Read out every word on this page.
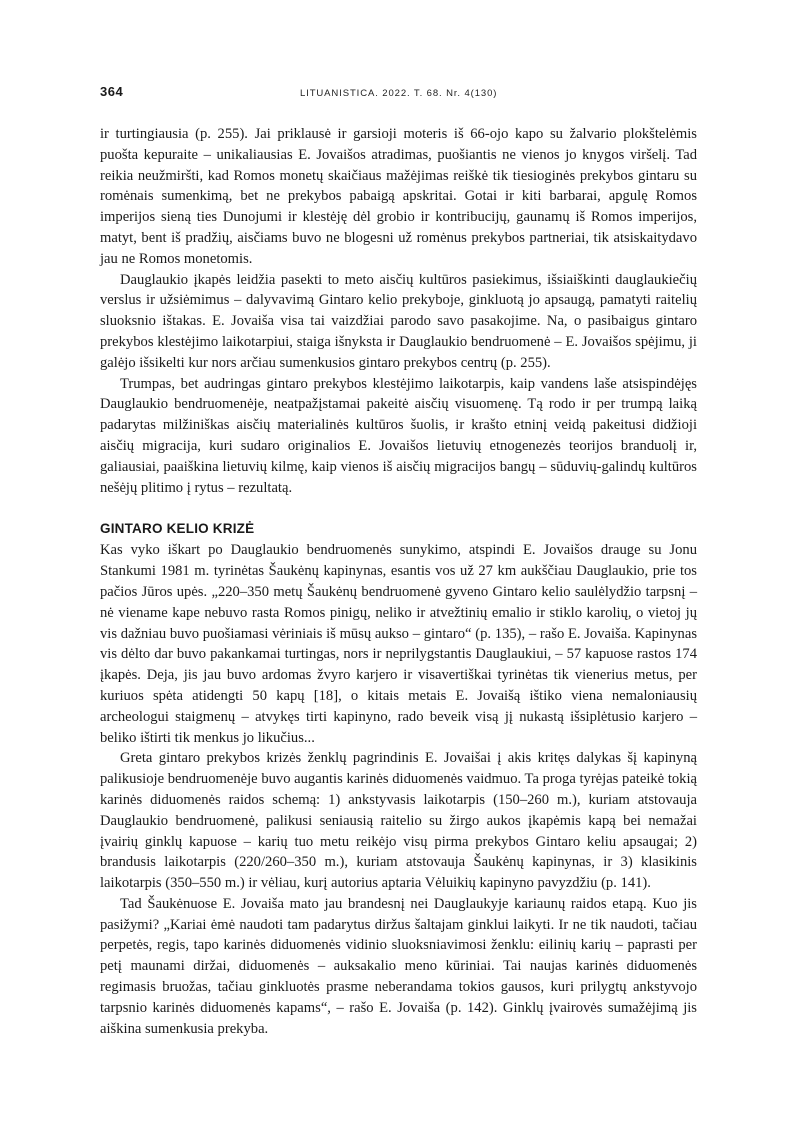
364	LITUANISTICA. 2022. T. 68. Nr. 4(130)

ir turtingiausia (p. 255). Jai priklausė ir garsioji moteris iš 66-ojo kapo su žalvario plokštelėmis puošta kepuraite – unikaliausias E. Jovaišos atradimas, puošiantis ne vienos jo knygos viršelį. Tad reikia neužmiršti, kad Romos monetų skaičiaus mažėjimas reiškė tik tiesioginės prekybos gintaru su romėnais sumenkimą, bet ne prekybos pabaigą apskritai. Gotai ir kiti barbarai, apgulę Romos imperijos sieną ties Dunojumi ir klestėję dėl grobio ir kontribucijų, gaunamų iš Romos imperijos, matyt, bent iš pradžių, aisčiams buvo ne blogesni už romėnus prekybos partneriai, tik atsiskaitydavo jau ne Romos monetomis.

Dauglaukio įkapės leidžia pasekti to meto aisčių kultūros pasiekimus, išsiaiškinti dauglaukiečių verslus ir užsiėmimus – dalyvavimą Gintaro kelio prekyboje, ginkluotą jo apsaugą, pamatyti raitelių sluoksnio ištakas. E. Jovaiša visa tai vaizdžiai parodo savo pasakojime. Na, o pasibaigus gintaro prekybos klestėjimo laikotarpiui, staiga išnyksta ir Dauglaukio bendruomenė – E. Jovaišos spėjimu, ji galėjo išsikelti kur nors arčiau sumenkusios gintaro prekybos centrų (p. 255).

Trumpas, bet audringas gintaro prekybos klestėjimo laikotarpis, kaip vandens laše atsispindėjęs Dauglaukio bendruomenėje, neatpažįstamai pakeitė aisčių visuomenę. Tą rodo ir per trumpą laiką padarytas milžiniškas aisčių materialinės kultūros šuolis, ir krašto etninį veidą pakeitusi didžioji aisčių migracija, kuri sudaro originalios E. Jovaišos lietuvių etnogenezės teorijos branduolį ir, galiausiai, paaiškina lietuvių kilmę, kaip vienos iš aisčių migracijos bangų – sūduvių-galindų kultūros nešėjų plitimo į rytus – rezultatą.

GINTARO KELIO KRIZĖ

Kas vyko iškart po Dauglaukio bendruomenės sunykimo, atspindi E. Jovaišos drauge su Jonu Stankumi 1981 m. tyrinėtas Šaukėnų kapinynas, esantis vos už 27 km aukščiau Dauglaukio, prie tos pačios Jūros upės. „220–350 metų Šaukėnų bendruomenė gyveno Gintaro kelio saulėlydžio tarpsnį – nė viename kape nebuvo rasta Romos pinigų, neliko ir atvežtinių emalio ir stiklo karolių, o vietoj jų vis dažniau buvo puošiamasi vėriniais iš mūsų aukso – gintaro“ (p. 135), – rašo E. Jovaiša. Kapinynas vis dėlto dar buvo pakankamai turtingas, nors ir neprilygstantis Dauglaukiui, – 57 kapuose rastos 174 įkapės. Deja, jis jau buvo ardomas žvyro karjero ir visavertiškai tyrinėtas tik vienerius metus, per kuriuos spėta atidengti 50 kapų [18], o kitais metais E. Jovaišą ištiko viena nemaloniausių archeologui staigmenų – atvykęs tirti kapinyno, rado beveik visą jį nukastą išsiplėtusio karjero – beliko ištirti tik menkus jo likučius...

Greta gintaro prekybos krizės ženklų pagrindinis E. Jovaišai į akis kritęs dalykas šį kapinyną palikusioje bendruomenėje buvo augantis karinės diduomenės vaidmuo. Ta proga tyrėjas pateikė tokią karinės diduomenės raidos schemą: 1) ankstyvasis laikotarpis (150–260 m.), kuriam atstovauja Dauglaukio bendruomenė, palikusi seniausią raitelio su žirgo aukos įkapėmis kapą bei nemažai įvairių ginklų kapuose – karių tuo metu reikėjo visų pirma prekybos Gintaro keliu apsaugai; 2) brandusis laikotarpis (220/260–350 m.), kuriam atstovauja Šaukėnų kapinynas, ir 3) klasikinis laikotarpis (350–550 m.) ir vėliau, kurį autorius aptaria Vėluikių kapinyno pavyzdžiu (p. 141).

Tad Šaukėnuose E. Jovaiša mato jau brandesnį nei Dauglaukyje kariaunų raidos etapą. Kuo jis pasižymi? „Kariai ėmė naudoti tam padarytus diržus šaltajam ginklui laikyti. Ir ne tik naudoti, tačiau perpetės, regis, tapo karinės diduomenės vidinio sluoksniavimosi ženklu: eilinių karių – paprasti per petį maunami diržai, diduomenės – auksakalio meno kūriniai. Tai naujas karinės diduomenės regimasis bruožas, tačiau ginkluotės prasme neberandama tokios gausos, kuri prilygtų ankstyvojo tarpsnio karinės diduomenės kapams“, – rašo E. Jovaiša (p. 142). Ginklų įvairovės sumažėjimą jis aiškina sumenkusia prekyba.
